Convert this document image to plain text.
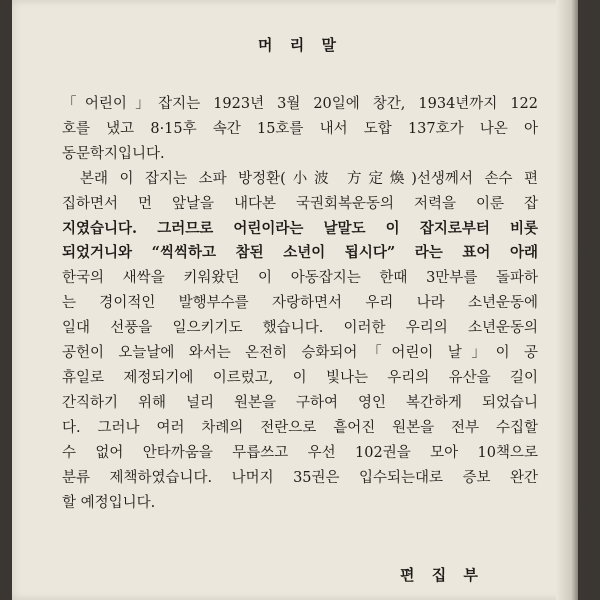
머 리 말
「어린이」잡지는 1923년 3월 20일에 창간, 1934년까지 122
호를 냈고 8·15후 속간 15호를 내서 도합 137호가 나온 아
동문학지입니다.
본래 이 잡지는 소파 방정환(小波 方定煥)선생께서 손수 편
집하면서 먼 앞날을 내다본 국권회복운동의 저력을 이룬 잡
지였습니다. 그러므로 어린이라는 날말도 이 잡지로부터 비롯
되었거니와 “씩씩하고 참된 소년이 됩시다” 라는 표어 아래
한국의 새싹을 키워왔던 이 아동잡지는 한때 3만부를 돌파하
는 경이적인 발행부수를 자랑하면서 우리 나라 소년운동에
일대 선풍을 일으키기도 했습니다. 이러한 우리의 소년운동의
공헌이 오늘날에 와서는 온전히 승화되어「어린이 날」이 공
휴일로 제정되기에 이르렀고, 이 빛나는 우리의 유산을 길이
간직하기 위해 널리 원본을 구하여 영인 복간하게 되었습니
다. 그러나 여러 차례의 전란으로 흩어진 원본을 전부 수집할
수 없어 안타까움을 무릅쓰고 우선 102권을 모아 10책으로
분류 제책하였습니다. 나머지 35권은 입수되는대로 증보 완간
할 예정입니다.
편 집 부
